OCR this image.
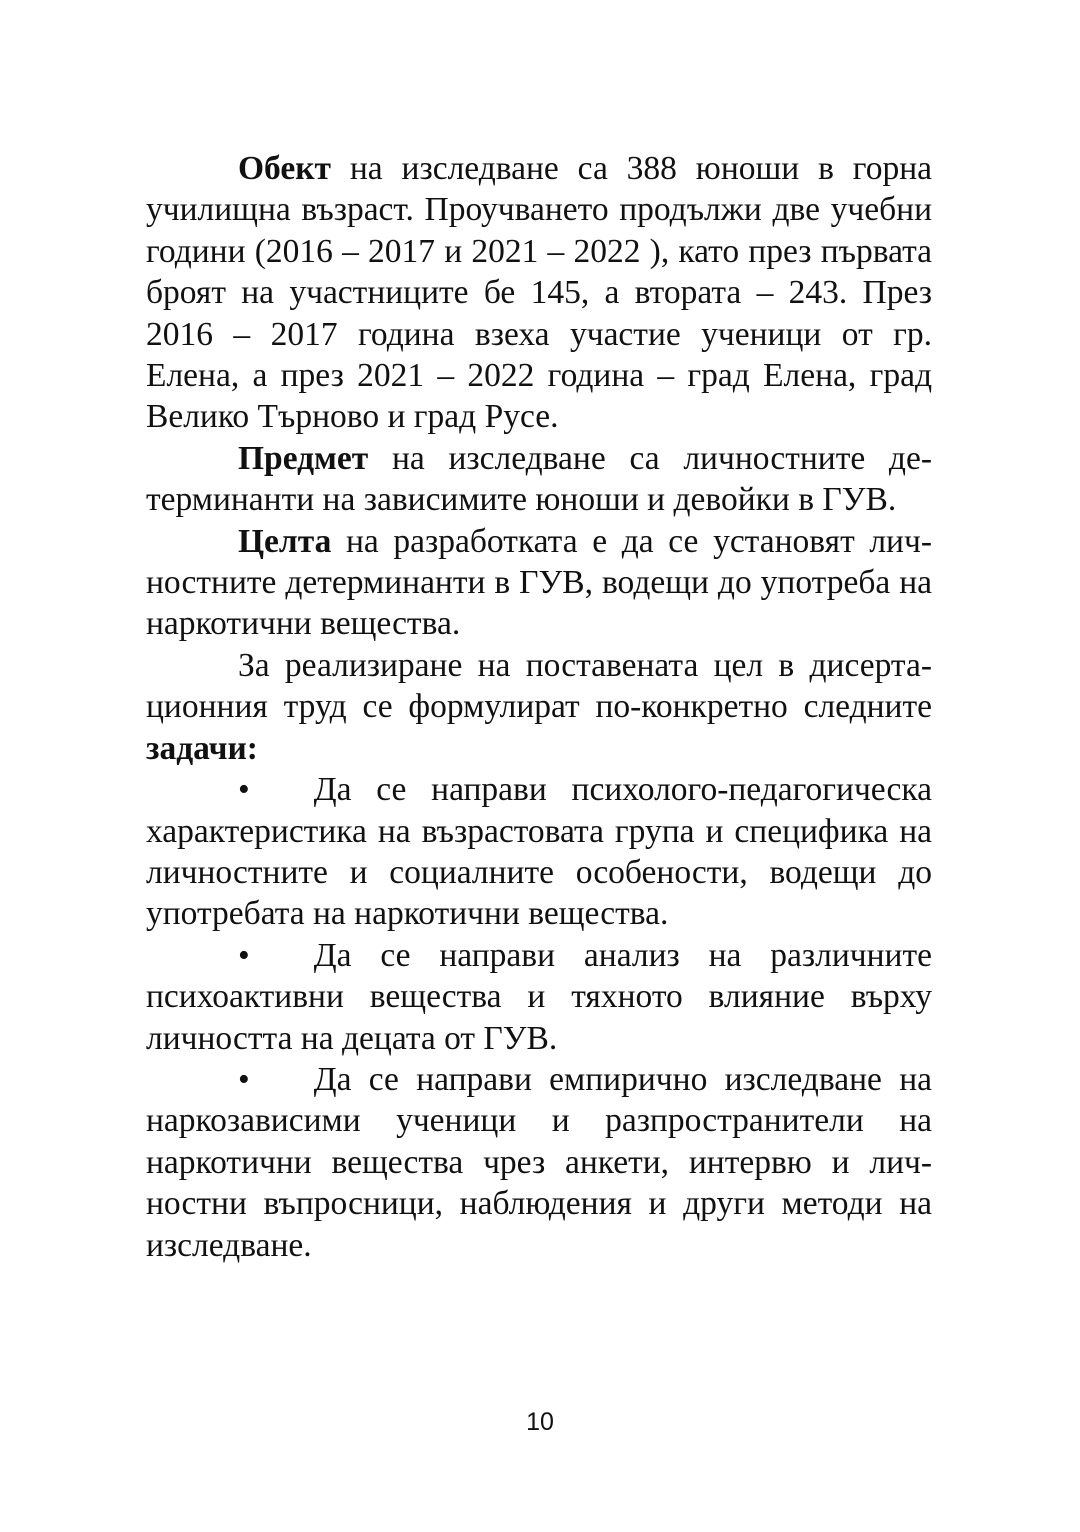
Обект на изследване са 388 юноши в горна училищна възраст. Проучването продължи две учебни години (2016 – 2017 и 2021 – 2022 ), като през първата броят на участниците бе 145, а втората – 243. През 2016 – 2017 година взеха участие ученици от гр. Елена, а през 2021 – 2022 година – град Елена, град Велико Търново и град Русе.

Предмет на изследване са личностните детерминанти на зависимите юноши и девойки в ГУВ.

Целта на разработката е да се установят личностните детерминанти в ГУВ, водещи до употреба на наркотични вещества.

За реализиране на поставената цел в дисертационния труд се формулират по-конкретно следните задачи:

• Да се направи психолого-педагогическа характеристика на възрастовата група и специфика на личностните и социалните особености, водещи до употребата на наркотични вещества.

• Да се направи анализ на различните психоактивни вещества и тяхното влияние върху личността на децата от ГУВ.

• Да се направи емпирично изследване на наркозависими ученици и разпространители на наркотични вещества чрез анкети, интервю и личностни въпросници, наблюдения и други методи на изследване.

10
